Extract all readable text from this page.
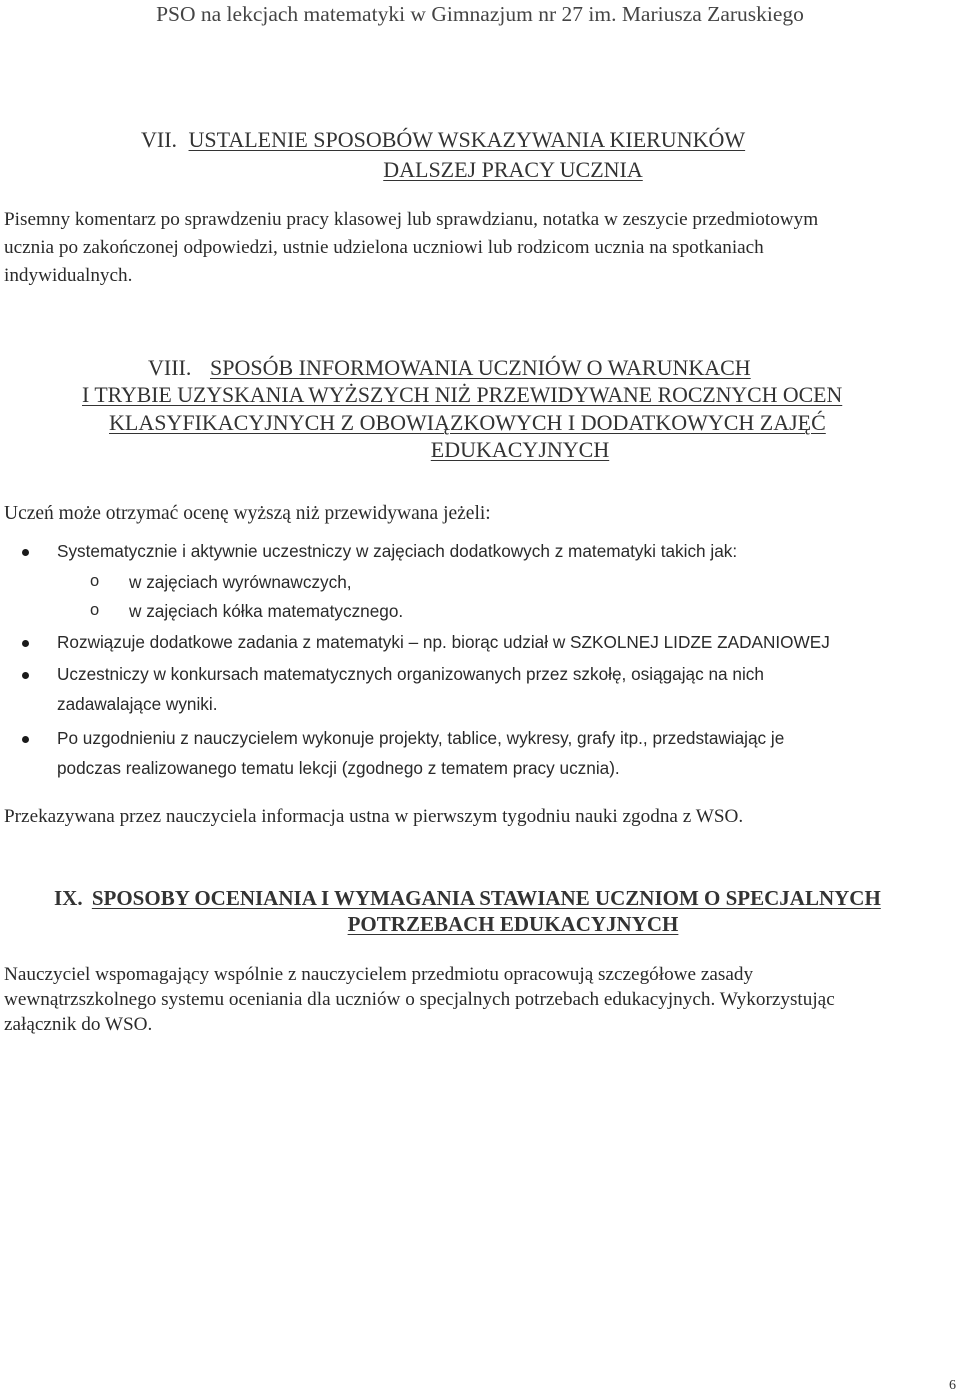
PSO na lekcjach matematyki w Gimnazjum nr 27 im. Mariusza Zaruskiego
VII. USTALENIE SPOSOBÓW WSKAZYWANIA KIERUNKÓW
DALSZEJ PRACY UCZNIA
Pisemny komentarz po sprawdzeniu pracy klasowej lub sprawdzianu, notatka w zeszycie przedmiotowym
ucznia po zakończonej odpowiedzi, ustnie udzielona uczniowi lub rodzicom ucznia na spotkaniach
indywidualnych.
VIII. SPOSÓB INFORMOWANIA UCZNIÓW O WARUNKACH
I TRYBIE UZYSKANIA WYŻSZYCH NIŻ PRZEWIDYWANE ROCZNYCH OCEN
KLASYFIKACYJNYCH Z OBOWIĄZKOWYCH I DODATKOWYCH ZAJĘĆ
EDUKACYJNYCH
Uczeń może otrzymać ocenę wyższą niż przewidywana jeżeli:
Systematycznie i aktywnie uczestniczy w zajęciach dodatkowych z matematyki takich jak:
o w zajęciach wyrównawczych,
o w zajęciach kółka matematycznego.
Rozwiązuje dodatkowe zadania z matematyki – np. biorąc udział w SZKOLNEJ LIDZE ZADANIOWEJ
Uczestniczy w konkursach matematycznych organizowanych przez szkołę, osiągając na nich
zadawalające wyniki.
Po uzgodnieniu z nauczycielem wykonuje projekty, tablice, wykresy, grafy itp., przedstawiając je
podczas realizowanego tematu lekcji (zgodnego z tematem pracy ucznia).
Przekazywana przez nauczyciela informacja ustna w pierwszym tygodniu nauki zgodna z WSO.
IX. SPOSOBY OCENIANIA I WYMAGANIA STAWIANE UCZNIOM O SPECJALNYCH
POTRZEBACH EDUKACYJNYCH
Nauczyciel wspomagający wspólnie z nauczycielem przedmiotu opracowują szczegółowe zasady
wewnątrzszkolnego systemu oceniania dla uczniów o specjalnych potrzebach edukacyjnych. Wykorzystując
załącznik do WSO.
6
